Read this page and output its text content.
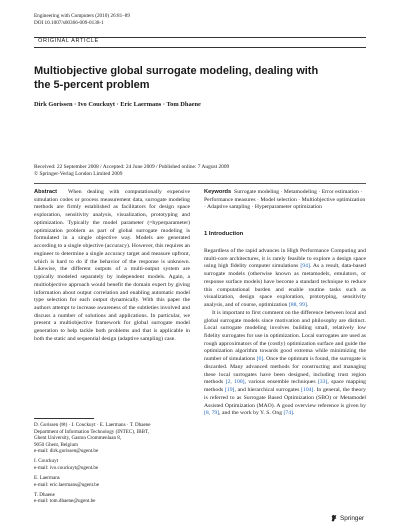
Engineering with Computers (2010) 26:81–89
DOI 10.1007/s00366-009-0138-1
ORIGINAL ARTICLE
Multiobjective global surrogate modeling, dealing with the 5-percent problem
Dirk Gorissen · Ivo Couckuyt · Eric Laermans · Tom Dhaene
Received: 22 September 2008 / Accepted: 24 June 2009 / Published online: 7 August 2009
© Springer-Verlag London Limited 2009

Abstract When dealing with computationally expensive simulation codes or process measurement data, surrogate modeling methods are firmly established as facilitators for design space exploration, sensitivity analysis, visualization, prototyping and optimization. Typically the model parameter (=hyperparameter) optimization problem as part of global surrogate modeling is formulated in a single objective way. Models are generated according to a single objective (accuracy). However, this requires an engineer to determine a single accuracy target and measure upfront, which is hard to do if the behavior of the response is unknown. Likewise, the different outputs of a multi-output system are typically modeled separately by independent models. Again, a multiobjective approach would benefit the domain expert by giving information about output correlation and enabling automatic model type selection for each output dynamically. With this paper the authors attempt to increase awareness of the subtleties involved and discuss a number of solutions and applications. In particular, we present a multiobjective framework for global surrogate model generation to help tackle both problems and that is applicable in both the static and sequential design (adaptive sampling) case.

D. Gorissen (✉) · I. Couckuyt · E. Laermans · T. Dhaene
Department of Information Technology (INTEC), IBBT,
Ghent University, Gaston Crommenlaan 8,
9050 Ghent, Belgium
e-mail: dirk.gorissen@ugent.be
I. Couckuyt
e-mail: ivo.couckuyt@ugent.be
E. Laermans
e-mail: eric.laermans@ugent.be
T. Dhaene
e-mail: tom.dhaene@ugent.be

Keywords Surrogate modeling · Metamodeling · Error estimation · Performance measures · Model selection · Multiobjective optimization · Adaptive sampling · Hyperparameter optimization

1 Introduction

Regardless of the rapid advances in High Performance Computing and multi-core architectures, it is rarely feasible to explore a design space using high fidelity computer simulations [94]. As a result, data-based surrogate models (otherwise known as metamodels, emulators, or response surface models) have become a standard technique to reduce this computational burden and enable routine tasks such as visualization, design space exploration, prototyping, sensitivity analysis, and of course, optimization [88, 99].

It is important to first comment on the difference between local and global surrogate models since motivation and philosophy are distinct. Local surrogate modeling involves building small, relatively low fidelity surrogates for use in optimization. Local surrogates are used as rough approximators of the (costly) optimization surface and guide the optimization algorithm towards good extrema while minimizing the number of simulations [6]. Once the optimum is found, the surrogate is discarded. Many advanced methods for constructing and managing these local surrogates have been designed, including trust region methods [2, 100], various ensemble techniques [33], space mapping methods [19], and hierarchical surrogates [104]. In general, the theory is referred to as Surrogate Based Optimization (SBO) or Metamodel Assisted Optimization (MAO). A good overview reference is given by [8, 79], and the work by Y. S. Ong [74].

Springer
